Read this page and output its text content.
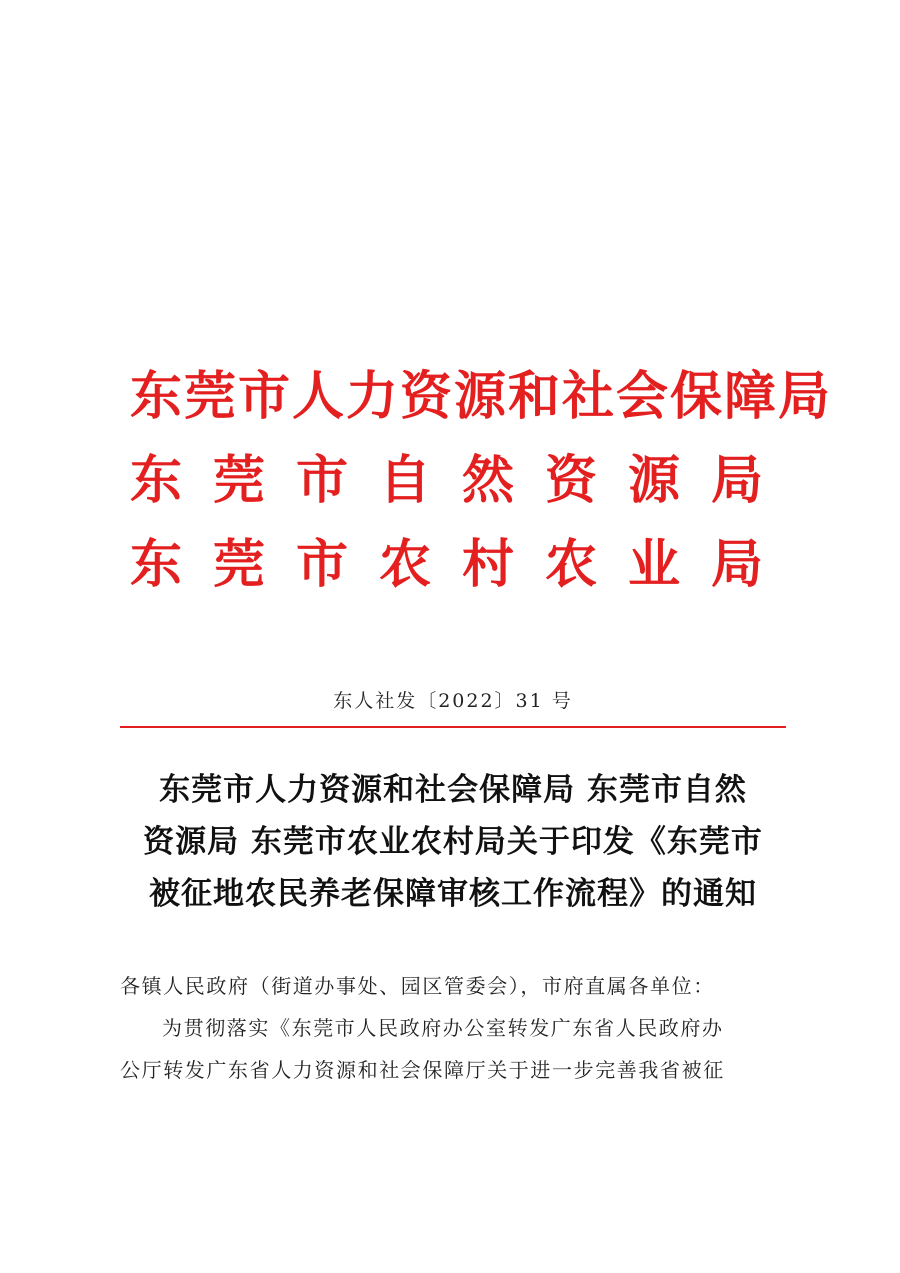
东莞市人力资源和社会保障局
东莞市自然资源局
东莞市农村农业局
东人社发〔2022〕31 号
东莞市人力资源和社会保障局 东莞市自然
资源局 东莞市农业农村局关于印发《东莞市
被征地农民养老保障审核工作流程》的通知

各镇人民政府（街道办事处、园区管委会），市府直属各单位：

为贯彻落实《东莞市人民政府办公室转发广东省人民政府办

公厅转发广东省人力资源和社会保障厅关于进一步完善我省被征
